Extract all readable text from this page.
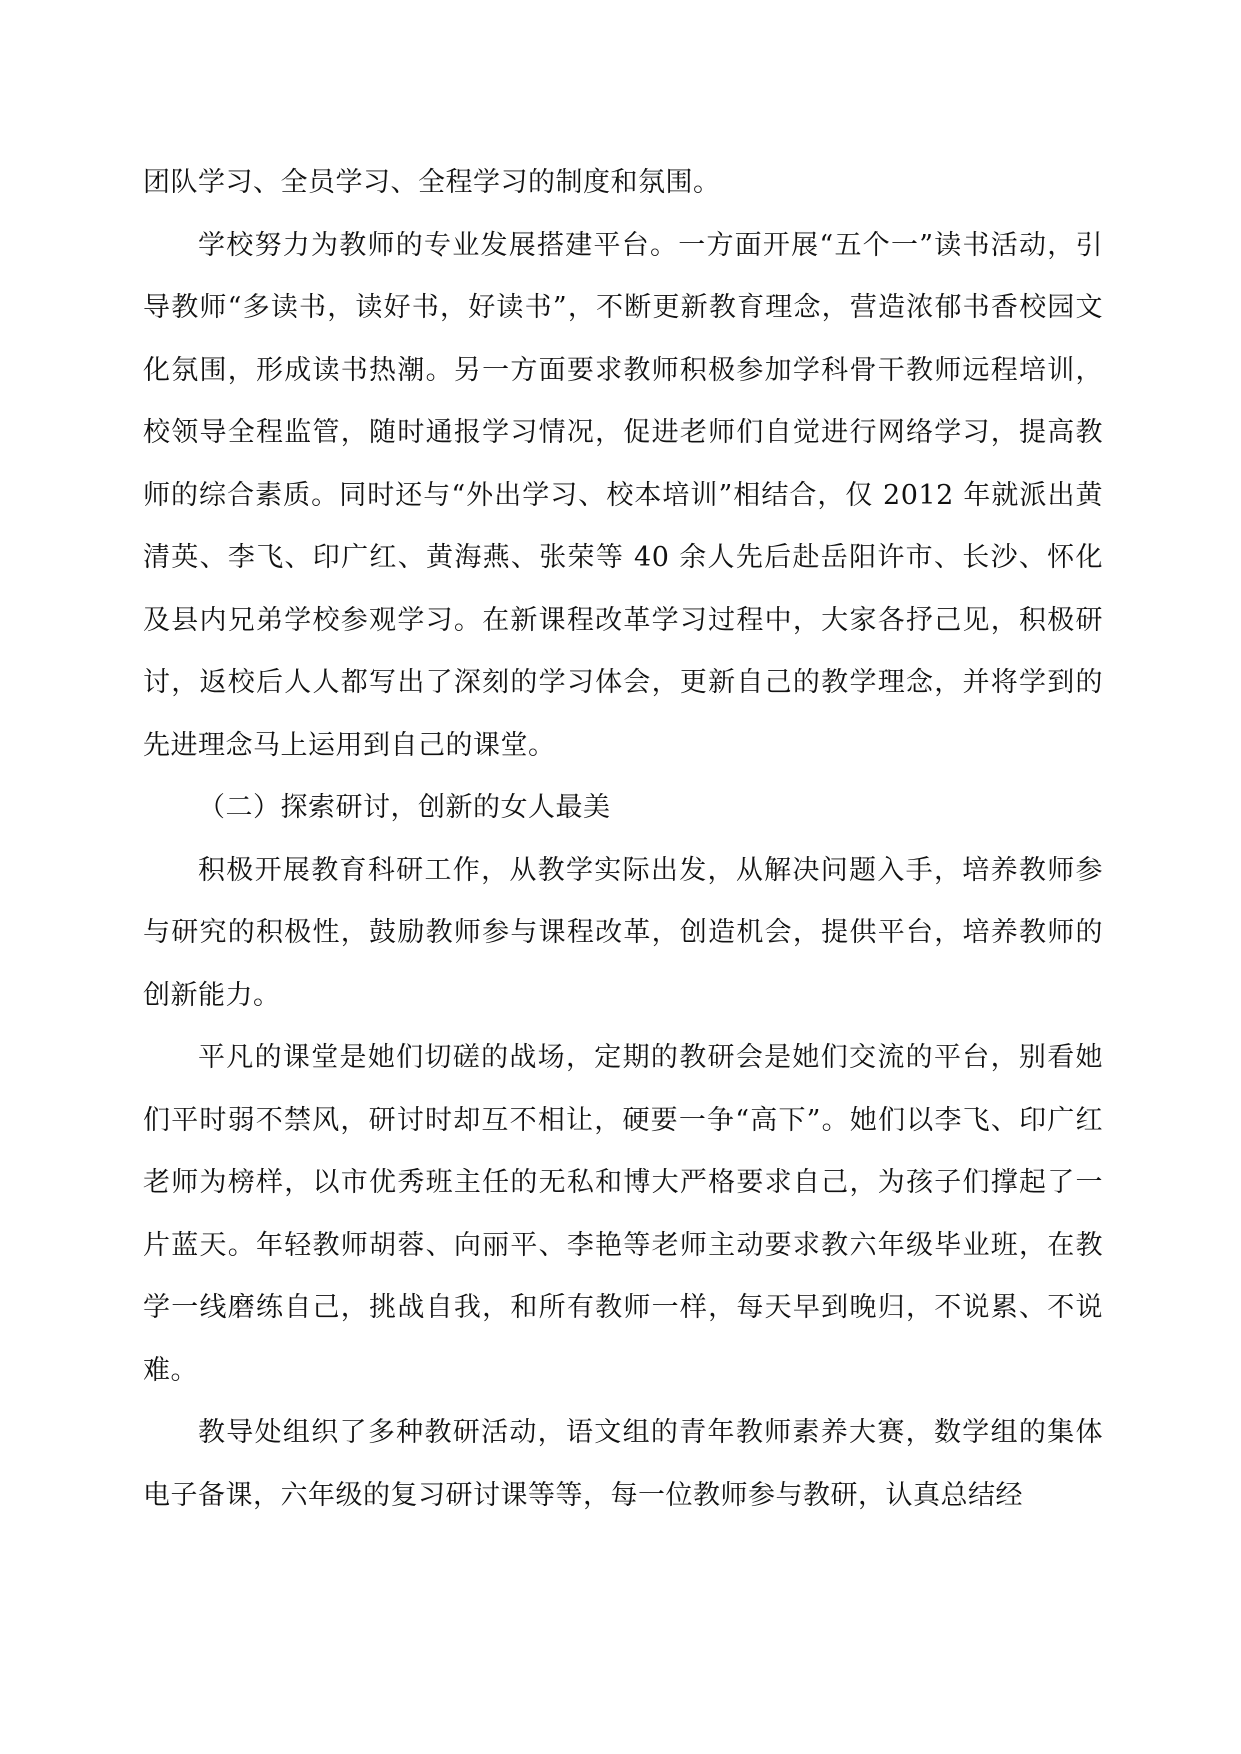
团队学习、全员学习、全程学习的制度和氛围。

学校努力为教师的专业发展搭建平台。一方面开展“五个一”读书活动，引导教师“多读书，读好书，好读书”，不断更新教育理念，营造浓郁书香校园文化氛围，形成读书热潮。另一方面要求教师积极参加学科骨干教师远程培训，校领导全程监管，随时通报学习情况，促进老师们自觉进行网络学习，提高教师的综合素质。同时还与“外出学习、校本培训”相结合，仅 2012 年就派出黄清英、李飞、印广红、黄海燕、张荣等 40 余人先后赴岳阳许市、长沙、怀化及县内兄弟学校参观学习。在新课程改革学习过程中，大家各抒己见，积极研讨，返校后人人都写出了深刻的学习体会，更新自己的教学理念，并将学到的先进理念马上运用到自己的课堂。

（二）探索研讨，创新的女人最美

积极开展教育科研工作，从教学实际出发，从解决问题入手，培养教师参与研究的积极性，鼓励教师参与课程改革，创造机会，提供平台，培养教师的创新能力。

平凡的课堂是她们切磋的战场，定期的教研会是她们交流的平台，别看她们平时弱不禁风，研讨时却互不相让，硬要一争“高下”。她们以李飞、印广红老师为榜样，以市优秀班主任的无私和博大严格要求自己，为孩子们撑起了一片蓝天。年轻教师胡蓉、向丽平、李艳等老师主动要求教六年级毕业班，在教学一线磨练自己，挑战自我，和所有教师一样，每天早到晚归，不说累、不说难。

教导处组织了多种教研活动，语文组的青年教师素养大赛，数学组的集体电子备课，六年级的复习研讨课等等，每一位教师参与教研，认真总结经
